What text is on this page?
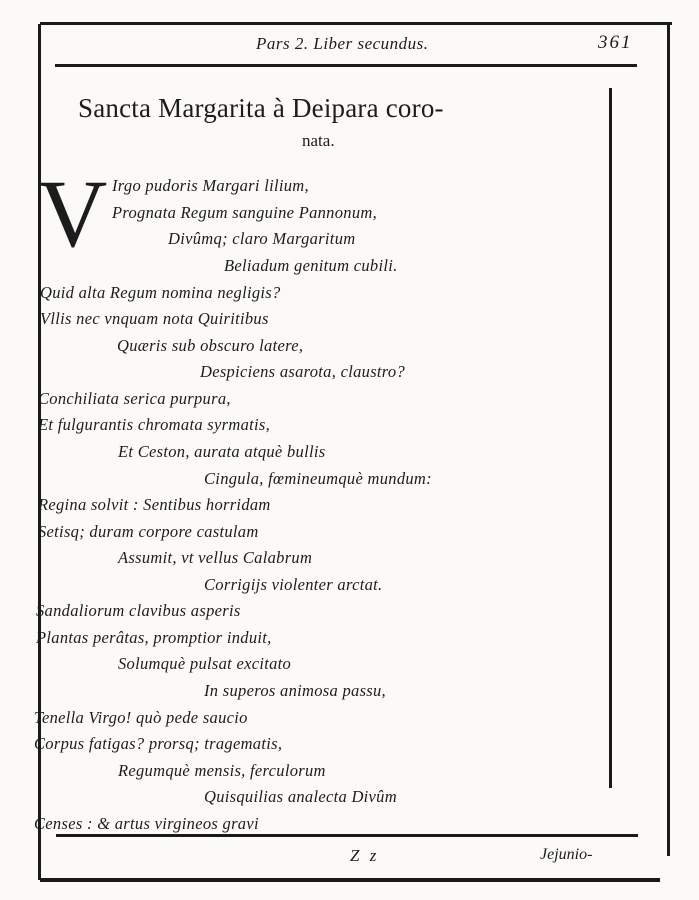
Pars 2. Liber secundus.	361
Sancta Margarita à Deipara coro-
nata.
V Irgo pudoris Margari lilium,
Prognata Regum sanguine Pannonum,
Divûmq; claro Margaritum
Beliadum genitum cubili.
Quid alta Regum nomina negligis?
Vllis nec vnquam nota Quiritibus
Quæris sub obscuro latere,
Despiciens asarota, claustro?
Conchiliata serica purpura,
Et fulgurantis chromata syrmatis,
Et Ceston, aurata atquè bullis
Cingula, fœmineumquè mundum:
Regina solvit : Sentibus horridam
Setisq; duram corpore castulam
Assumit, vt vellus Calabrum
Corrigijs violenter arctat.
Sandaliorum clavibus asperis
Plantas perâtas, promptior induit,
Solumquè pulsat excitato
In superos animosa passu,
Tenella Virgo! quò pede saucio
Corpus fatigas? prorsq; tragematis,
Regumquè mensis, ferculorum
Quisquilias analecta Divûm
Censes : & artus virgineos gravi
Z z	Jejunio-
